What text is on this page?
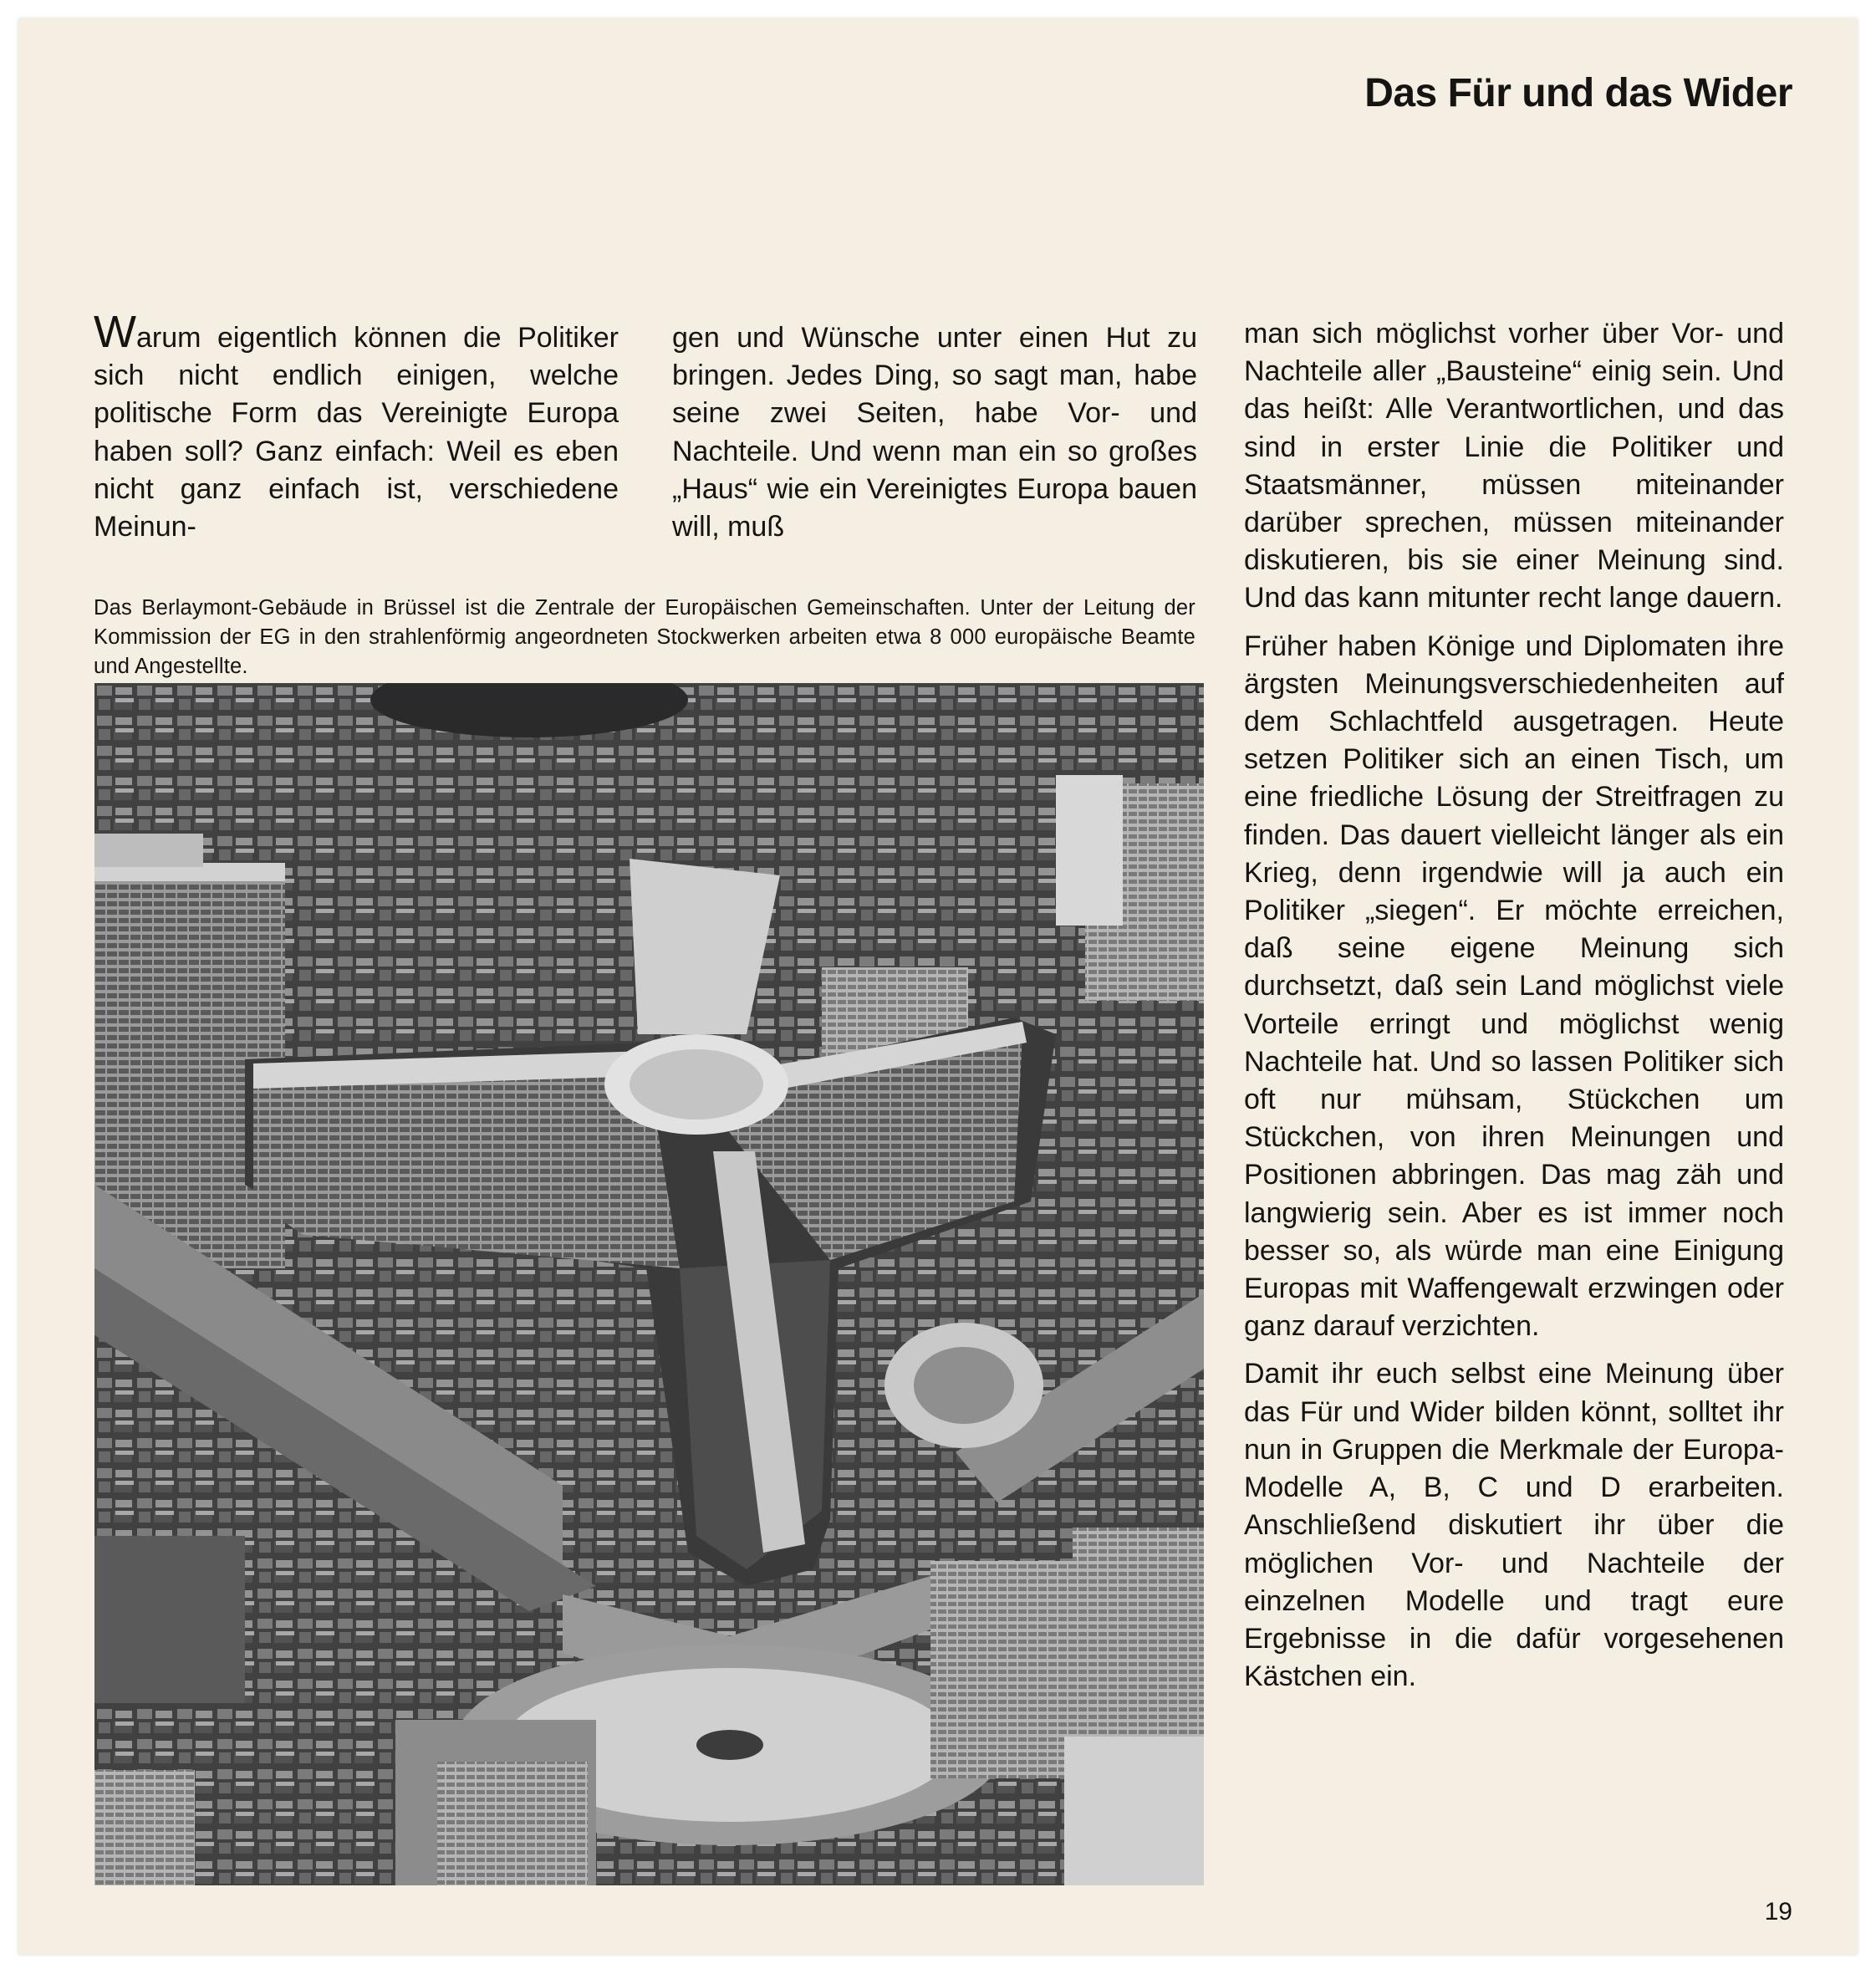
Das Für und das Wider

Warum eigentlich können die Politiker sich nicht endlich einigen, welche politische Form das Vereinigte Europa haben soll? Ganz einfach: Weil es eben nicht ganz einfach ist, verschiedene Meinun-

gen und Wünsche unter einen Hut zu bringen. Jedes Ding, so sagt man, habe seine zwei Seiten, habe Vor- und Nachteile. Und wenn man ein so großes „Haus“ wie ein Vereinigtes Europa bauen will, muß

Das Berlaymont-Gebäude in Brüssel ist die Zentrale der Europäischen Gemeinschaften. Unter der Leitung der Kommission der EG in den strahlenförmig angeordneten Stockwerken arbeiten etwa 8 000 europäische Beamte und Angestellte.

man sich möglichst vorher über Vor- und Nachteile aller „Bausteine“ einig sein. Und das heißt: Alle Verantwortlichen, und das sind in erster Linie die Politiker und Staatsmänner, müssen miteinander darüber sprechen, müssen miteinander diskutieren, bis sie einer Meinung sind. Und das kann mitunter recht lange dauern.

Früher haben Könige und Diplomaten ihre ärgsten Meinungsverschiedenheiten auf dem Schlachtfeld ausgetragen. Heute setzen Politiker sich an einen Tisch, um eine friedliche Lösung der Streitfragen zu finden. Das dauert vielleicht länger als ein Krieg, denn irgendwie will ja auch ein Politiker „siegen“. Er möchte erreichen, daß seine eigene Meinung sich durchsetzt, daß sein Land möglichst viele Vorteile erringt und möglichst wenig Nachteile hat. Und so lassen Politiker sich oft nur mühsam, Stückchen um Stückchen, von ihren Meinungen und Positionen abbringen. Das mag zäh und langwierig sein. Aber es ist immer noch besser so, als würde man eine Einigung Europas mit Waffengewalt erzwingen oder ganz darauf verzichten.

Damit ihr euch selbst eine Meinung über das Für und Wider bilden könnt, solltet ihr nun in Gruppen die Merkmale der Europa-Modelle A, B, C und D erarbeiten. Anschließend diskutiert ihr über die möglichen Vor- und Nachteile der einzelnen Modelle und tragt eure Ergebnisse in die dafür vorgesehenen Kästchen ein.

19
